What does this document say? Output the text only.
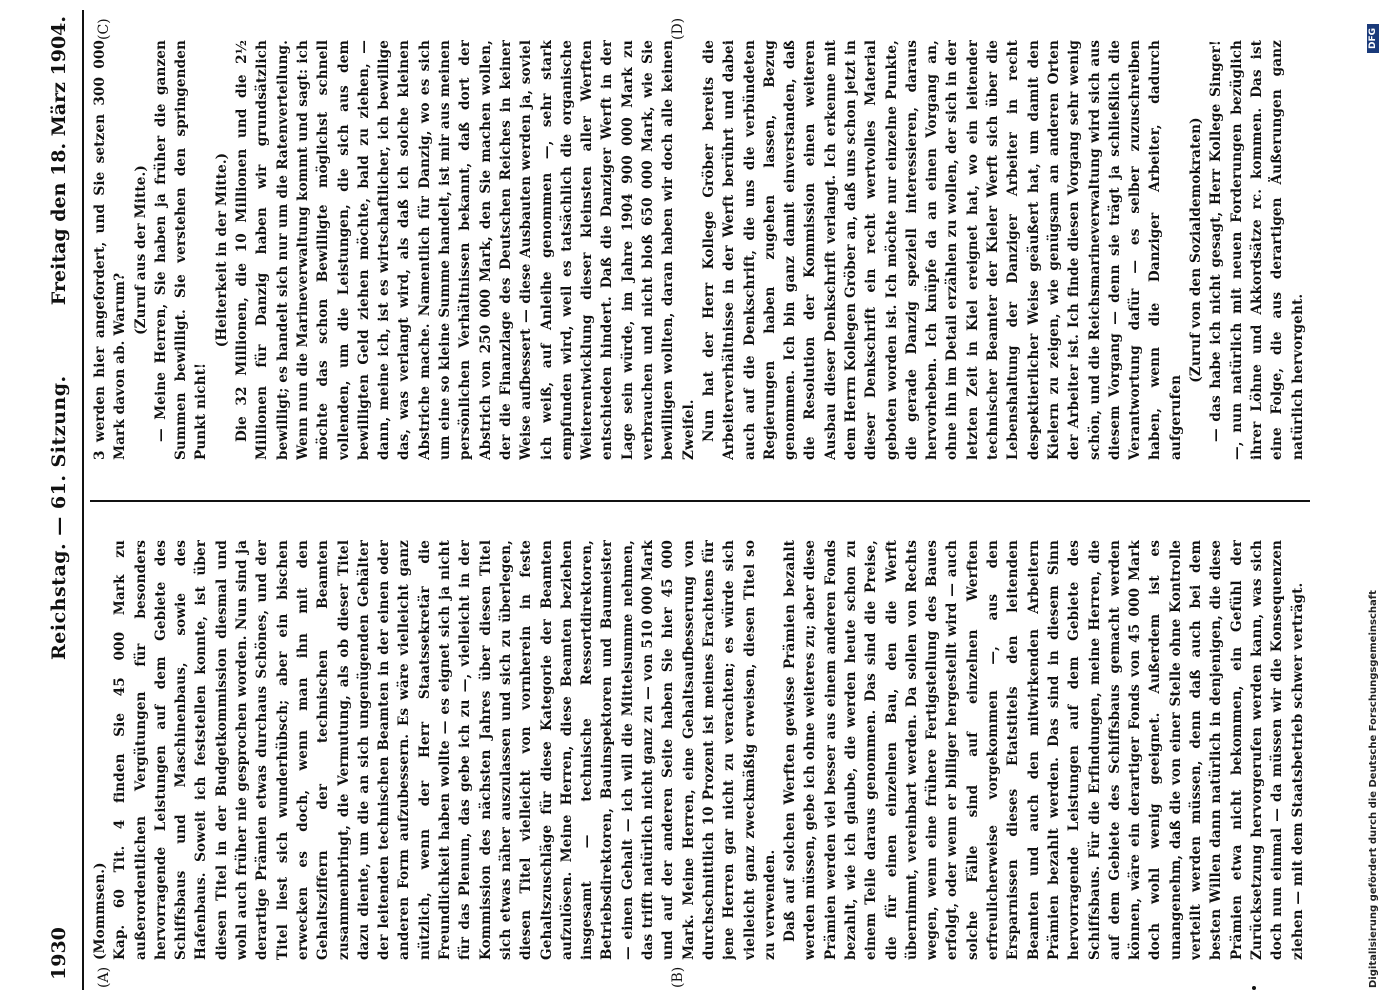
1930
Reichstag. — 61. Sitzung.
Freitag den 18. März 1904.
(A)	(B)
(C)	(D)

(Mommsen.) Kap. 60 Tit. 4 finden Sie 45 000 Mark zu außerordentlichen Vergütungen für besonders hervorragende Leistungen auf dem Gebiete des Schiffsbaus und Maschinenbaus, sowie des Hafenbaus. Soweit ich feststellen konnte, ist über diesen Titel in der Budgetkommission diesmal und wohl auch früher nie gesprochen worden. Nun sind ja derartige Prämien etwas durchaus Schönes, und der Titel liest sich wunderhübsch; aber ein bischen erwecken es doch, wenn man ihn mit den Gehaltsziffern der technischen Beamten zusammenbringt, die Vermutung, als ob dieser Titel dazu diente, um die an sich ungenügenden Gehälter der leitenden technischen Beamten in der einen oder anderen Form aufzubessern. Es wäre vielleicht ganz nützlich, wenn der Herr Staatssekretär die Freundlichkeit haben wollte — es eignet sich ja nicht für das Plenum, das gebe ich zu —, vielleicht in der Kommission des nächsten Jahres über diesen Titel sich etwas näher auszulassen und sich zu überlegen, diesen Titel vielleicht von vornherein in feste Gehaltszuschläge für diese Kategorie der Beamten aufzulösen. Meine Herren, diese Beamten beziehen insgesamt — technische Ressortdirektoren, Betriebsdirektoren, Bauinspektoren und Baumeister — einen Gehalt — ich will die Mittelsumme nehmen, das trifft natürlich nicht ganz zu — von 510 000 Mark und auf der anderen Seite haben Sie hier 45 000 Mark. Meine Herren, eine Gehaltsaufbesserung von durchschnittlich 10 Prozent ist meines Erachtens für jene Herren gar nicht zu verachten; es würde sich vielleicht ganz zweckmäßig erweisen, diesen Titel so zu verwenden. Daß auf solchen Werften gewisse Prämien bezahlt werden müssen, gebe ich ohne weiteres zu; aber diese Prämien werden viel besser aus einem anderen Fonds bezahlt, wie ich glaube, die werden heute schon zu einem Teile daraus genommen. Das sind die Preise, die für einen einzelnen Bau, den die Werft übernimmt, vereinbart werden. Da sollen von Rechts wegen, wenn eine frühere Fertigstellung des Baues erfolgt, oder wenn er billiger hergestellt wird — auch solche Fälle sind auf einzelnen Werften erfreulicherweise vorgekommen —, aus den Ersparnissen dieses Etatstitels den leitenden Beamten und auch den mitwirkenden Arbeitern Prämien bezahlt werden. Das sind in diesem Sinn hervorragende Leistungen auf dem Gebiete des Schiffsbaus. Für die Erfindungen, meine Herren, die auf dem Gebiete des Schiffsbaus gemacht werden können, wäre ein derartiger Fonds von 45 000 Mark doch wohl wenig geeignet. Außerdem ist es unangenehm, daß die von einer Stelle ohne Kontrolle verteilt werden müssen, denn daß auch bei dem besten Willen dann natürlich in denjenigen, die diese Prämien etwa nicht bekommen, ein Gefühl der Zurücksetzung hervorgerufen werden kann, was sich doch nun einmal — da müssen wir die Konsequenzen ziehen — mit dem Staatsbetrieb schwer verträgt.

3 werden hier angefordert, und Sie setzen 300 000 Mark davon ab. Warum?

(Zuruf aus der Mitte.) — Meine Herren, Sie haben ja früher die ganzen Summen bewilligt. Sie verstehen den springenden Punkt nicht!

(Heiterkeit in der Mitte.) Die 32 Millionen, die 10 Millionen und die 2½ Millionen für Danzig haben wir grundsätzlich bewilligt; es handelt sich nur um die Ratenverteilung. Wenn nun die Marineverwaltung kommt und sagt: ich möchte das schon Bewilligte möglichst schnell vollenden, um die Leistungen, die sich aus dem bewilligten Geld ziehen möchte, bald zu ziehen, — dann, meine ich, ist es wirtschaftlicher, ich bewillige das, was verlangt wird, als daß ich solche kleinen Abstriche mache. Namentlich für Danzig, wo es sich um eine so kleine Summe handelt, ist mir aus meinen persönlichen Verhältnissen bekannt, daß dort der Abstrich von 250 000 Mark, den Sie machen wollen, der die Finanzlage des Deutschen Reiches in keiner Weise aufbessert — diese Ausbauten werden ja, soviel ich weiß, auf Anleihe genommen —, sehr stark empfunden wird, weil es tatsächlich die organische Weiterentwicklung dieser kleinsten aller Werften entschieden hindert. Daß die Danziger Werft in der Lage sein würde, im Jahre 1904 900 000 Mark zu verbrauchen und nicht bloß 650 000 Mark, wie Sie bewilligen wollten, daran haben wir doch alle keinen Zweifel. Nun hat der Herr Kollege Gröber bereits die Arbeiterverhältnisse in der Werft berührt und dabei auch auf die Denkschrift, die uns die verbündeten Regierungen haben zugehen lassen, Bezug genommen. Ich bin ganz damit einverstanden, daß die Resolution der Kommission einen weiteren Ausbau dieser Denkschrift verlangt. Ich erkenne mit dem Herrn Kollegen Gröber an, daß uns schon jetzt in dieser Denkschrift ein recht wertvolles Material geboten worden ist. Ich möchte nur einzelne Punkte, die gerade Danzig speziell interessieren, daraus hervorheben. Ich knüpfe da an einen Vorgang an, ohne ihn im Detail erzählen zu wollen, der sich in der letzten Zeit in Kiel ereignet hat, wo ein leitender technischer Beamter der Kieler Werft sich über die Lebenshaltung der Danziger Arbeiter in recht despektierlicher Weise geäußert hat, um damit den Kielern zu zeigen, wie genügsam an anderen Orten der Arbeiter ist. Ich finde diesen Vorgang sehr wenig schön, und die Reichsmarineverwaltung wird sich aus diesem Vorgang — denn sie trägt ja schließlich die Verantwortung dafür — es selber zuzuschreiben haben, wenn die Danziger Arbeiter, dadurch aufgerufen

(Zuruf von den Sozialdemokraten) — das habe ich nicht gesagt, Herr Kollege Singer! —, nun natürlich mit neuen Forderungen bezüglich ihrer Löhne und Akkordsätze rc. kommen. Das ist eine Folge, die aus derartigen Äußerungen ganz natürlich hervorgeht.

Digitalisierung gefördert durch die Deutsche Forschungsgemeinschaft
DFG
